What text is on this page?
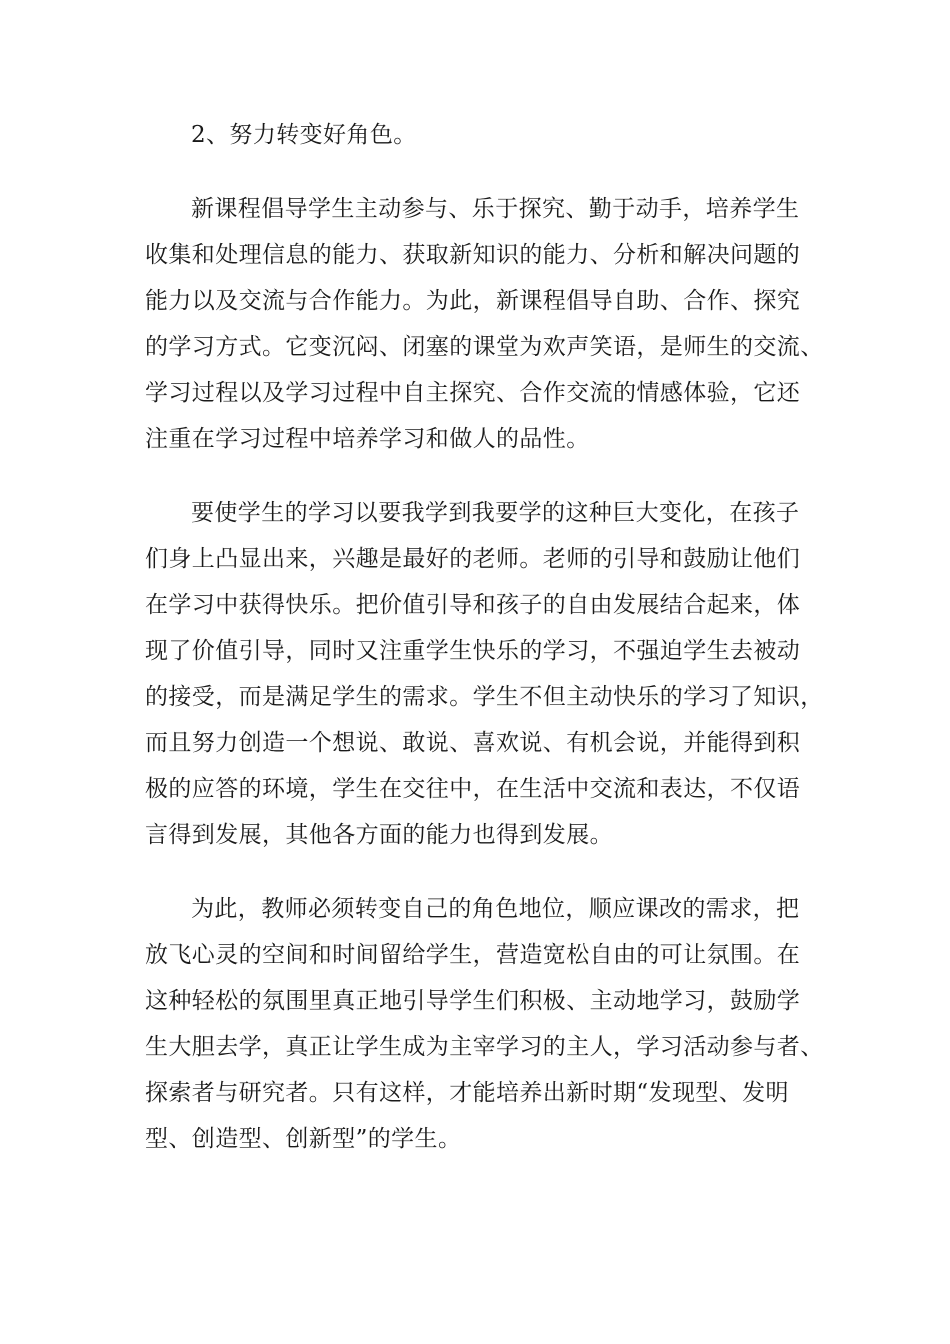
2、努力转变好角色。
新课程倡导学生主动参与、乐于探究、勤于动手，培养学生
收集和处理信息的能力、获取新知识的能力、分析和解决问题的
能力以及交流与合作能力。为此，新课程倡导自助、合作、探究
的学习方式。它变沉闷、闭塞的课堂为欢声笑语，是师生的交流、
学习过程以及学习过程中自主探究、合作交流的情感体验，它还
注重在学习过程中培养学习和做人的品性。
要使学生的学习以要我学到我要学的这种巨大变化，在孩子
们身上凸显出来，兴趣是最好的老师。老师的引导和鼓励让他们
在学习中获得快乐。把价值引导和孩子的自由发展结合起来，体
现了价值引导，同时又注重学生快乐的学习，不强迫学生去被动
的接受，而是满足学生的需求。学生不但主动快乐的学习了知识，
而且努力创造一个想说、敢说、喜欢说、有机会说，并能得到积
极的应答的环境，学生在交往中，在生活中交流和表达，不仅语
言得到发展，其他各方面的能力也得到发展。
为此，教师必须转变自己的角色地位，顺应课改的需求，把
放飞心灵的空间和时间留给学生，营造宽松自由的可让氛围。在
这种轻松的氛围里真正地引导学生们积极、主动地学习，鼓励学
生大胆去学，真正让学生成为主宰学习的主人，学习活动参与者、
探索者与研究者。只有这样，才能培养出新时期“发现型、发明
型、创造型、创新型”的学生。
